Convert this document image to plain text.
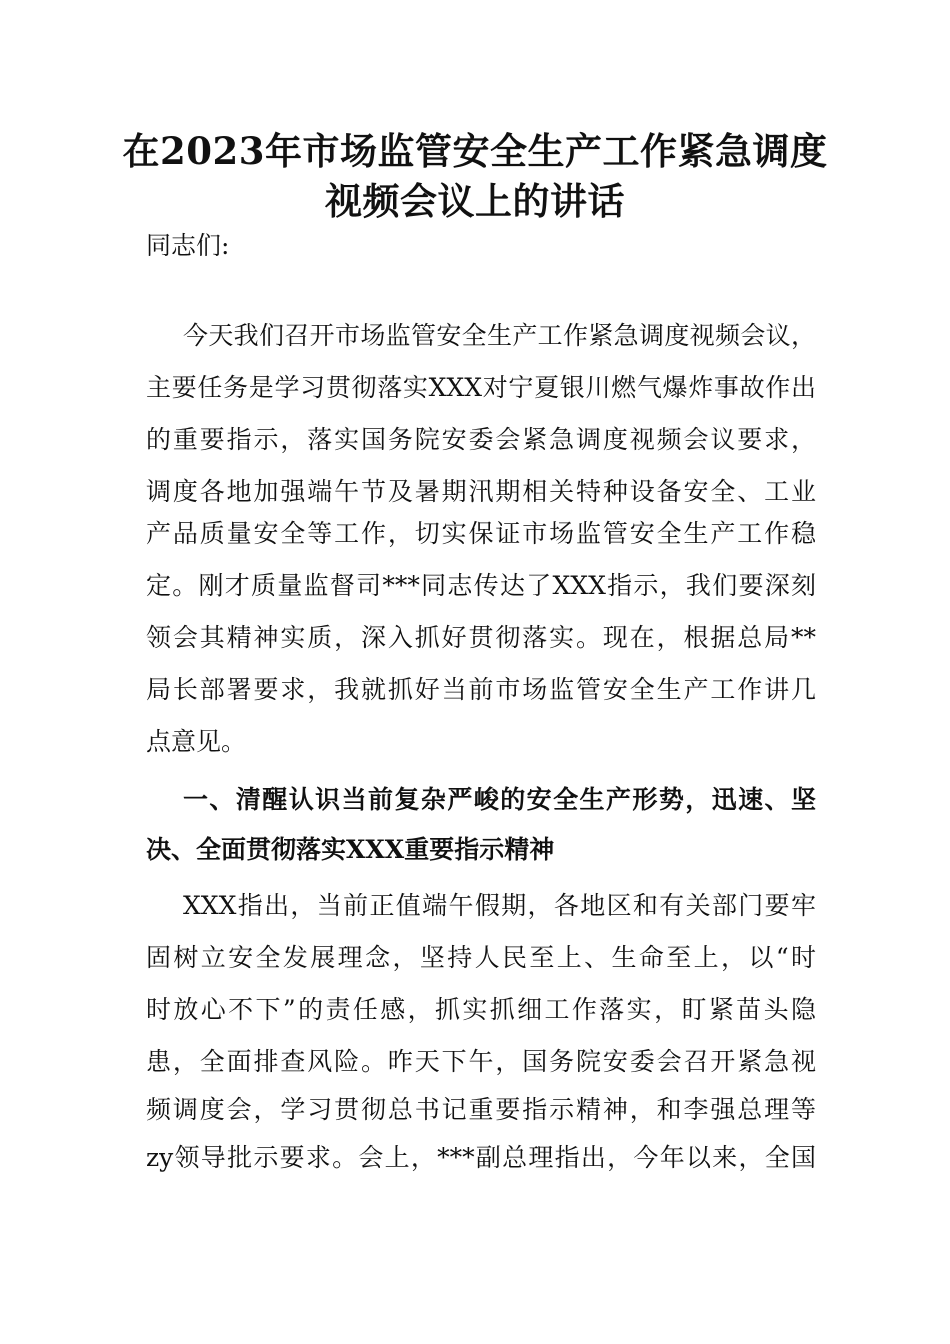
在2023年市场监管安全生产工作紧急调度
视频会议上的讲话
同志们:
今天我们召开市场监管安全生产工作紧急调度视频会议，
主要任务是学习贯彻落实XXX对宁夏银川燃气爆炸事故作出
的重要指示，落实国务院安委会紧急调度视频会议要求，
调度各地加强端午节及暑期汛期相关特种设备安全、工业
产品质量安全等工作，切实保证市场监管安全生产工作稳
定。刚才质量监督司***同志传达了XXX指示，我们要深刻
领会其精神实质，深入抓好贯彻落实。现在，根据总局**
局长部署要求，我就抓好当前市场监管安全生产工作讲几
点意见。
一、清醒认识当前复杂严峻的安全生产形势，迅速、坚
决、全面贯彻落实XXX重要指示精神
XXX指出，当前正值端午假期，各地区和有关部门要牢
固树立安全发展理念，坚持人民至上、生命至上，以“时
时放心不下”的责任感，抓实抓细工作落实，盯紧苗头隐
患，全面排查风险。昨天下午，国务院安委会召开紧急视
频调度会，学习贯彻总书记重要指示精神，和李强总理等
zy领导批示要求。会上，***副总理指出，今年以来，全国
